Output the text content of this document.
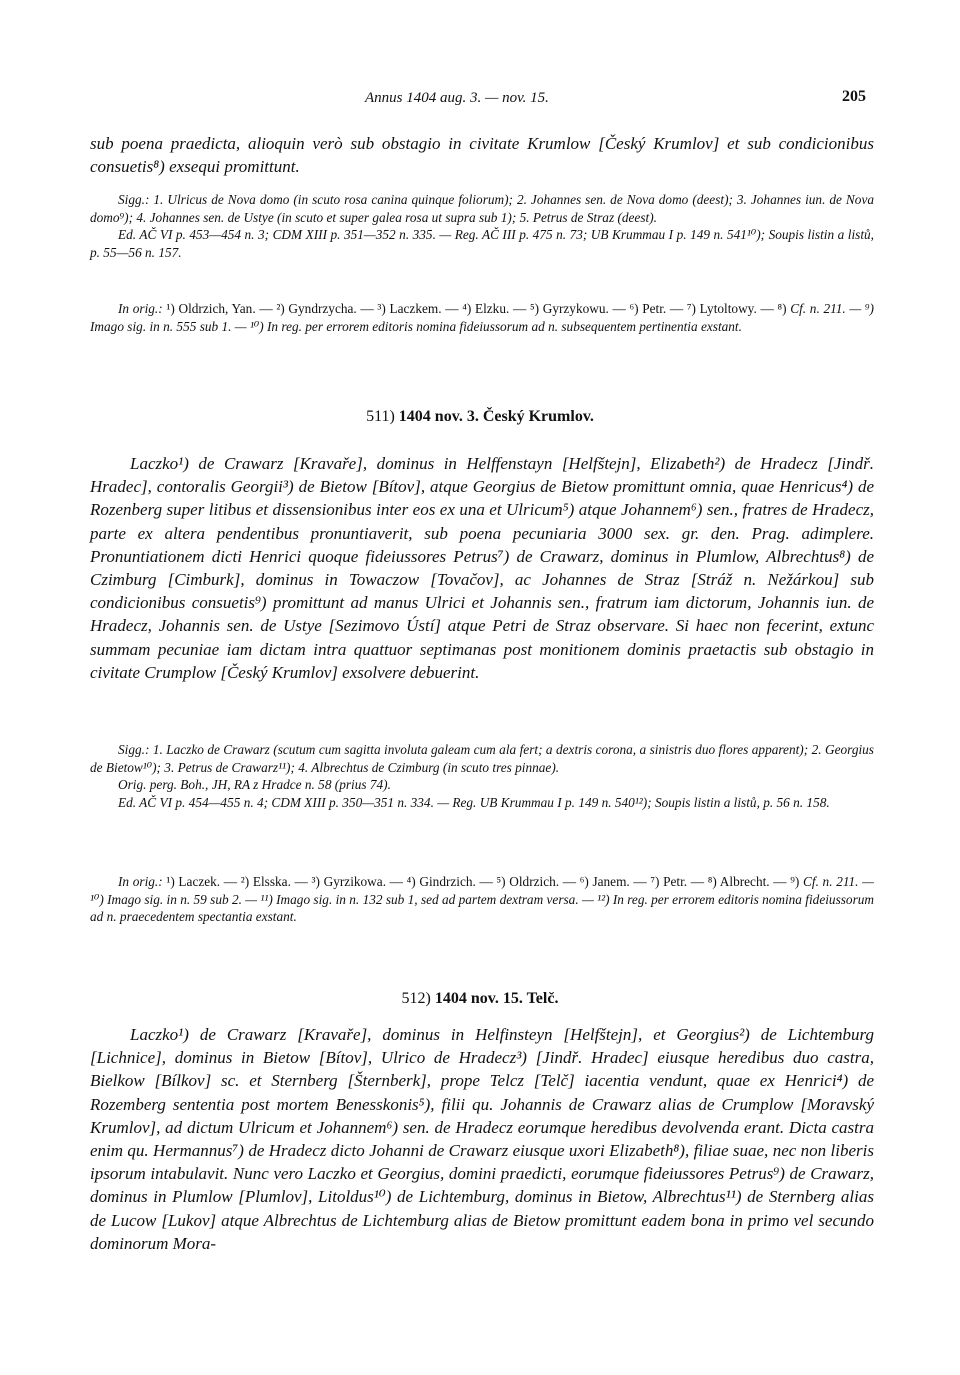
Annus 1404 aug. 3. — nov. 15.	205

sub poena praedicta, alioquin verò sub obstagio in civitate Krumlow [Český Krumlov] et sub condicionibus consuetis⁸) exsequi promittunt.

Sigg.: 1. Ulricus de Nova domo (in scuto rosa canina quinque foliorum); 2. Johannes sen. de Nova domo (deest); 3. Johannes iun. de Nova domo⁹); 4. Johannes sen. de Ustye (in scuto et super galea rosa ut supra sub 1); 5. Petrus de Straz (deest).

Ed. AČ VI p. 453—454 n. 3; CDM XIII p. 351—352 n. 335. — Reg. AČ III p. 475 n. 73; UB Krummau I p. 149 n. 541¹⁰); Soupis listin a listů, p. 55—56 n. 157.

In orig.: ¹) Oldrzich, Yan. — ²) Gyndrzycha. — ³) Laczkem. — ⁴) Elzku. — ⁵) Gyrzykowu. — ⁶) Petr. — ⁷) Lytoltowy. — ⁸) Cf. n. 211. — ⁹) Imago sig. in n. 555 sub 1. — ¹⁰) In reg. per errorem editoris nomina fideiussorum ad n. subsequentem pertinentia exstant.

511) 1404 nov. 3. Český Krumlov.

Laczko¹) de Crawarz [Kravaře], dominus in Helffenstayn [Helfštejn], Elizabeth²) de Hradecz [Jindř. Hradec], contoralis Georgii³) de Bietow [Bítov], atque Georgius de Bietow promittunt omnia, quae Henricus⁴) de Rozenberg super litibus et dissensionibus inter eos ex una et Ulricum⁵) atque Johannem⁶) sen., fratres de Hradecz, parte ex altera pendentibus pronuntiaverit, sub poena pecuniaria 3000 sex. gr. den. Prag. adimplere. Pronuntiationem dicti Henrici quoque fideiussores Petrus⁷) de Crawarz, dominus in Plumlow, Albrechtus⁸) de Czimburg [Cimburk], dominus in Towaczow [Tovačov], ac Johannes de Straz [Stráž n. Nežárkou] sub condicionibus consuetis⁹) promittunt ad manus Ulrici et Johannis sen., fratrum iam dictorum, Johannis iun. de Hradecz, Johannis sen. de Ustye [Sezimovo Ústí] atque Petri de Straz observare. Si haec non fecerint, extunc summam pecuniae iam dictam intra quattuor septimanas post monitionem dominis praetactis sub obstagio in civitate Crumplow [Český Krumlov] exsolvere debuerint.

Sigg.: 1. Laczko de Crawarz (scutum cum sagitta involuta galeam cum ala fert; a dextris corona, a sinistris duo flores apparent); 2. Georgius de Bietow¹⁰); 3. Petrus de Crawarz¹¹); 4. Albrechtus de Czimburg (in scuto tres pinnae).

Orig. perg. Boh., JH, RA z Hradce n. 58 (prius 74).

Ed. AČ VI p. 454—455 n. 4; CDM XIII p. 350—351 n. 334. — Reg. UB Krummau I p. 149 n. 540¹²); Soupis listin a listů, p. 56 n. 158.

In orig.: ¹) Laczek. — ²) Elsska. — ³) Gyrzikowa. — ⁴) Gindrzich. — ⁵) Oldrzich. — ⁶) Janem. — ⁷) Petr. — ⁸) Albrecht. — ⁹) Cf. n. 211. — ¹⁰) Imago sig. in n. 59 sub 2. — ¹¹) Imago sig. in n. 132 sub 1, sed ad partem dextram versa. — ¹²) In reg. per errorem editoris nomina fideiussorum ad n. praecedentem spectantia exstant.

512) 1404 nov. 15. Telč.

Laczko¹) de Crawarz [Kravaře], dominus in Helfinsteyn [Helfštejn], et Georgius²) de Lichtemburg [Lichnice], dominus in Bietow [Bítov], Ulrico de Hradecz³) [Jindř. Hradec] eiusque heredibus duo castra, Bielkow [Bílkov] sc. et Sternberg [Šternberk], prope Telcz [Telč] iacentia vendunt, quae ex Henrici⁴) de Rozemberg sententia post mortem Benesskonis⁵), filii qu. Johannis de Crawarz alias de Crumplow [Moravský Krumlov], ad dictum Ulricum et Johannem⁶) sen. de Hradecz eorumque heredibus devolvenda erant. Dicta castra enim qu. Hermannus⁷) de Hradecz dicto Johanni de Crawarz eiusque uxori Elizabeth⁸), filiae suae, nec non liberis ipsorum intabulavit. Nunc vero Laczko et Georgius, domini praedicti, eorumque fideiussores Petrus⁹) de Crawarz, dominus in Plumlow [Plumlov], Litoldus¹⁰) de Lichtemburg, dominus in Bietow, Albrechtus¹¹) de Sternberg alias de Lucow [Lukov] atque Albrechtus de Lichtemburg alias de Bietow promittunt eadem bona in primo vel secundo dominorum Mora-
